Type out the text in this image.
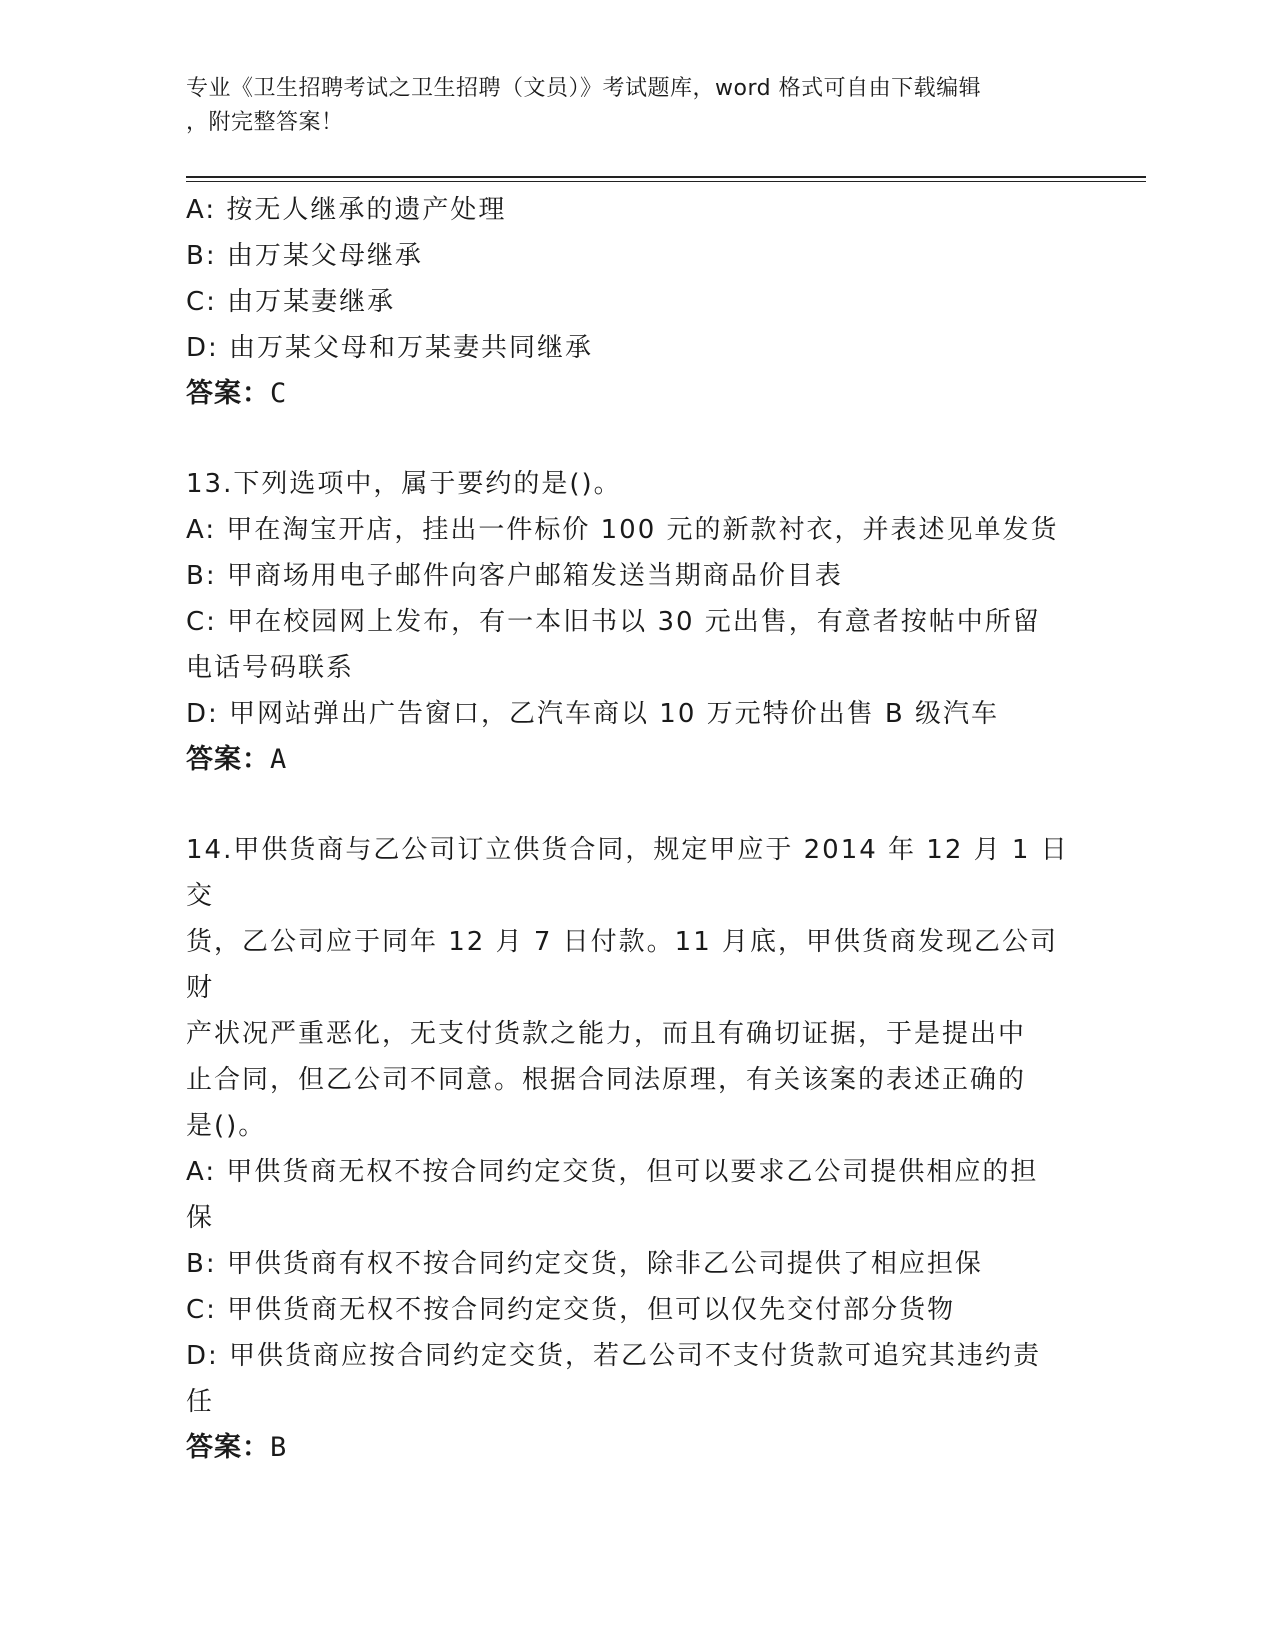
专业《卫生招聘考试之卫生招聘（文员）》考试题库，word 格式可自由下载编辑
，附完整答案！

A: 按无人继承的遗产处理

B: 由万某父母继承

C: 由万某妻继承

D: 由万某父母和万某妻共同继承

答案：C

13.下列选项中，属于要约的是()。

A: 甲在淘宝开店，挂出一件标价 100 元的新款衬衣，并表述见单发货

B: 甲商场用电子邮件向客户邮箱发送当期商品价目表

C: 甲在校园网上发布，有一本旧书以 30 元出售，有意者按帖中所留

电话号码联系

D: 甲网站弹出广告窗口，乙汽车商以 10 万元特价出售 B 级汽车

答案：A

14.甲供货商与乙公司订立供货合同，规定甲应于 2014 年 12 月 1 日交

货，乙公司应于同年 12 月 7 日付款。11 月底，甲供货商发现乙公司财

产状况严重恶化，无支付货款之能力，而且有确切证据，于是提出中

止合同，但乙公司不同意。根据合同法原理，有关该案的表述正确的

是()。

A: 甲供货商无权不按合同约定交货，但可以要求乙公司提供相应的担

保

B: 甲供货商有权不按合同约定交货，除非乙公司提供了相应担保

C: 甲供货商无权不按合同约定交货，但可以仅先交付部分货物

D: 甲供货商应按合同约定交货，若乙公司不支付货款可追究其违约责

任

答案：B
